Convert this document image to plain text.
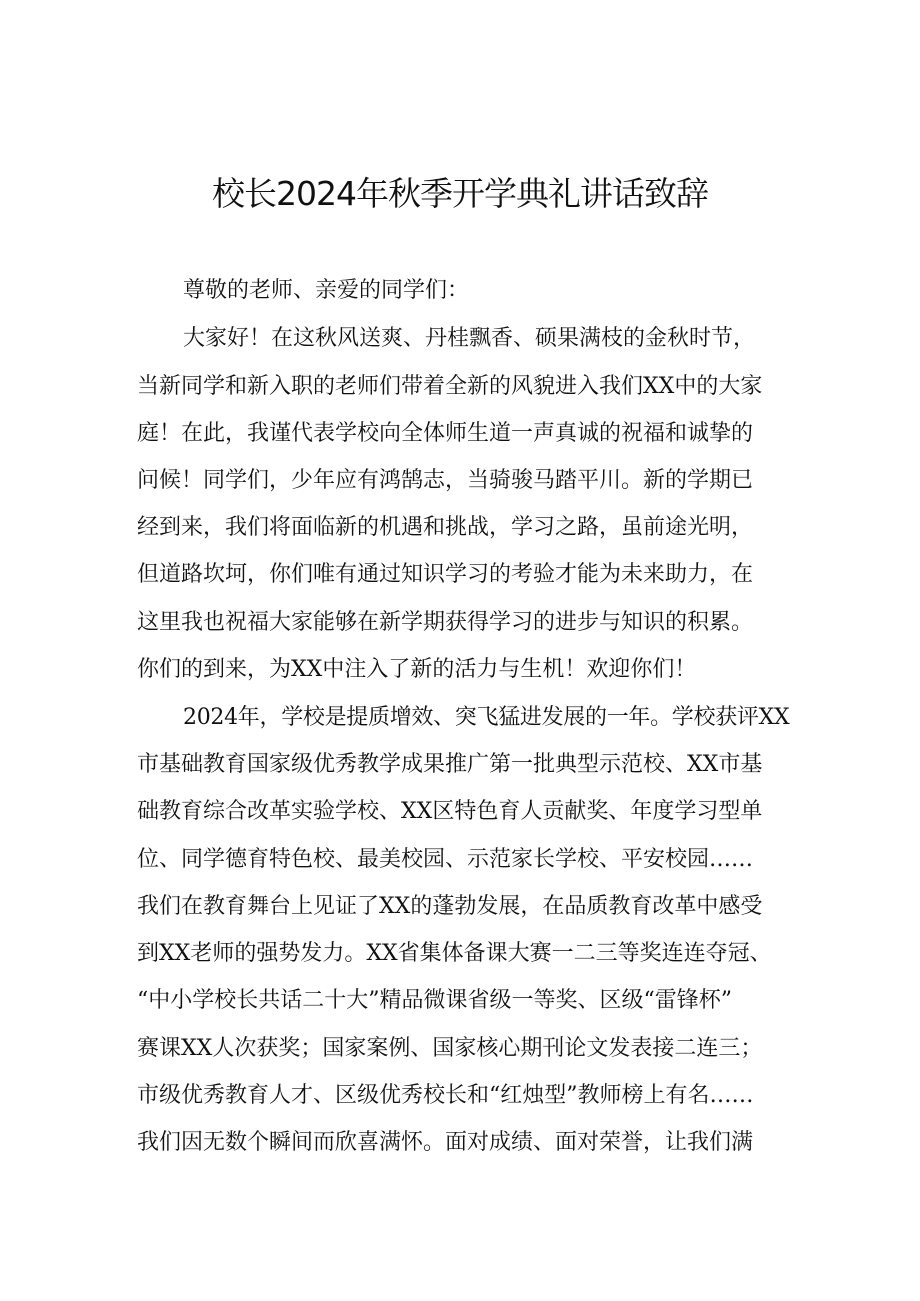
校长2024年秋季开学典礼讲话致辞
尊敬的老师、亲爱的同学们：
大家好！在这秋风送爽、丹桂飘香、硕果满枝的金秋时节，
当新同学和新入职的老师们带着全新的风貌进入我们XX中的大家
庭！在此，我谨代表学校向全体师生道一声真诚的祝福和诚挚的
问候！同学们，少年应有鸿鹄志，当骑骏马踏平川。新的学期已
经到来，我们将面临新的机遇和挑战，学习之路，虽前途光明，
但道路坎坷，你们唯有通过知识学习的考验才能为未来助力，在
这里我也祝福大家能够在新学期获得学习的进步与知识的积累。
你们的到来，为XX中注入了新的活力与生机！欢迎你们！
2024年，学校是提质增效、突飞猛进发展的一年。学校获评XX
市基础教育国家级优秀教学成果推广第一批典型示范校、XX市基
础教育综合改革实验学校、XX区特色育人贡献奖、年度学习型单
位、同学德育特色校、最美校园、示范家长学校、平安校园……
我们在教育舞台上见证了XX的蓬勃发展，在品质教育改革中感受
到XX老师的强势发力。XX省集体备课大赛一二三等奖连连夺冠、
“中小学校长共话二十大”精品微课省级一等奖、区级“雷锋杯”
赛课XX人次获奖；国家案例、国家核心期刊论文发表接二连三；
市级优秀教育人才、区级优秀校长和“红烛型”教师榜上有名……
我们因无数个瞬间而欣喜满怀。面对成绩、面对荣誉，让我们满
